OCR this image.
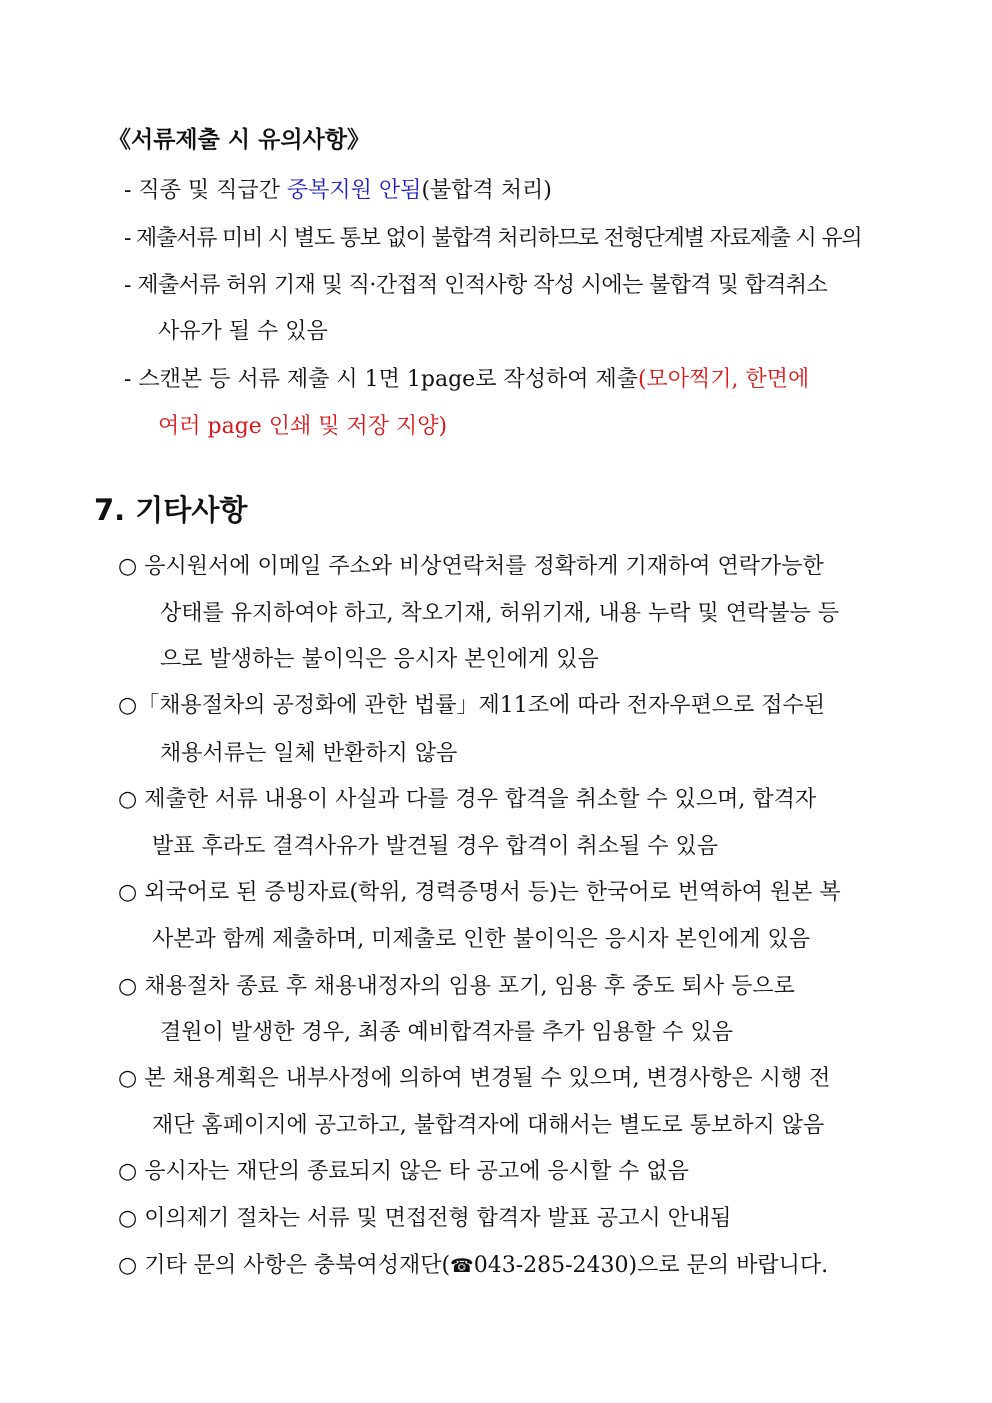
《서류제출 시 유의사항》
- 직종 및 직급간 중복지원 안됨(불합격 처리)
- 제출서류 미비 시 별도 통보 없이 불합격 처리하므로 전형단계별 자료제출 시 유의
- 제출서류 허위 기재 및 직·간접적 인적사항 작성 시에는 불합격 및 합격취소
사유가 될 수 있음
- 스캔본 등 서류 제출 시 1면 1page로 작성하여 제출(모아찍기, 한면에
여러 page 인쇄 및 저장 지양)
7. 기타사항
○ 응시원서에 이메일 주소와 비상연락처를 정확하게 기재하여 연락가능한
상태를 유지하여야 하고, 착오기재, 허위기재, 내용 누락 및 연락불능 등
으로 발생하는 불이익은 응시자 본인에게 있음
○「채용절차의 공정화에 관한 법률」제11조에 따라 전자우편으로 접수된
채용서류는 일체 반환하지 않음
○ 제출한 서류 내용이 사실과 다를 경우 합격을 취소할 수 있으며, 합격자
발표 후라도 결격사유가 발견될 경우 합격이 취소될 수 있음
○ 외국어로 된 증빙자료(학위, 경력증명서 등)는 한국어로 번역하여 원본 복
사본과 함께 제출하며, 미제출로 인한 불이익은 응시자 본인에게 있음
○ 채용절차 종료 후 채용내정자의 임용 포기, 임용 후 중도 퇴사 등으로
결원이 발생한 경우, 최종 예비합격자를 추가 임용할 수 있음
○ 본 채용계획은 내부사정에 의하여 변경될 수 있으며, 변경사항은 시행 전
재단 홈페이지에 공고하고, 불합격자에 대해서는 별도로 통보하지 않음
○ 응시자는 재단의 종료되지 않은 타 공고에 응시할 수 없음
○ 이의제기 절차는 서류 및 면접전형 합격자 발표 공고시 안내됨
○ 기타 문의 사항은 충북여성재단(☎043-285-2430)으로 문의 바랍니다.
